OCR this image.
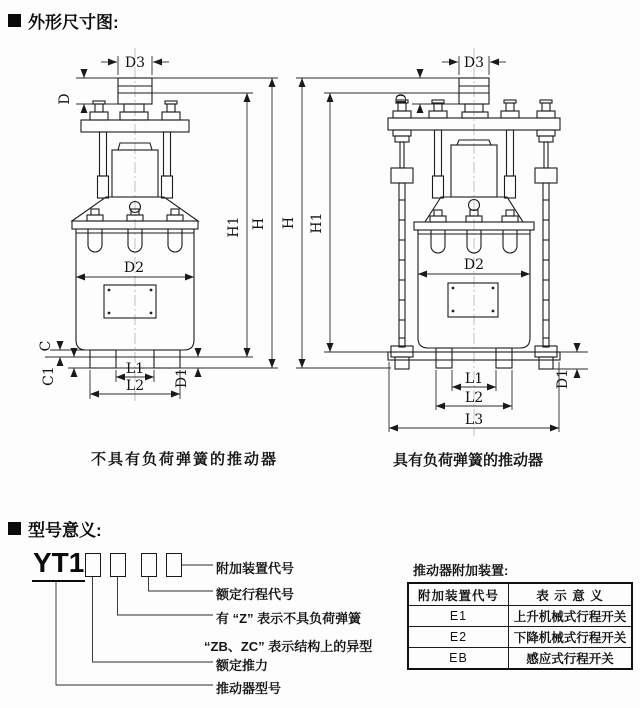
外形尺寸图:
D3
D
H
H1
D2
C
C1	D1
L1
L2
D3
H H1
D
D2
D1
L1
L2
L3
不具有负荷弹簧的推动器	具有负荷弹簧的推动器
型号意义:
YT1	附加装置代号
额定行程代号
有 “Z” 表示不具负荷弹簧
“ZB、ZC” 表示结构上的异型
额定推力
推动器型号
推动器附加装置:
附加装置代号	表 示 意 义
E1	上升机械式行程开关
E2	下降机械式行程开关
EB	感应式行程开关
